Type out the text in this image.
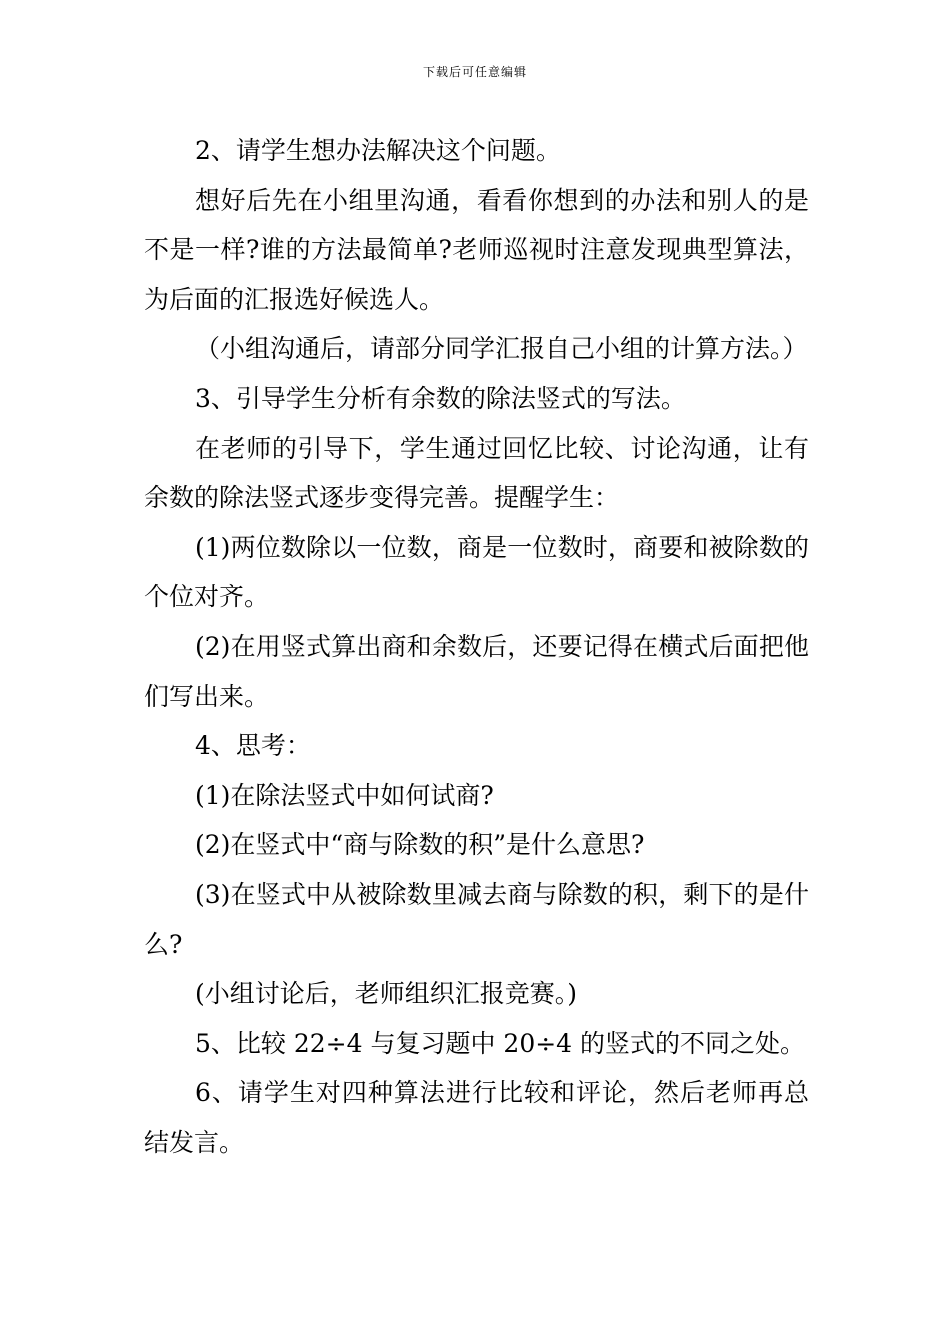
下载后可任意编辑

2、请学生想办法解决这个问题。

想好后先在小组里沟通，看看你想到的办法和别人的是不是一样?谁的方法最简单?老师巡视时注意发现典型算法，为后面的汇报选好候选人。

（小组沟通后，请部分同学汇报自己小组的计算方法。）

3、引导学生分析有余数的除法竖式的写法。

在老师的引导下，学生通过回忆比较、讨论沟通，让有余数的除法竖式逐步变得完善。提醒学生：

(1)两位数除以一位数，商是一位数时，商要和被除数的个位对齐。

(2)在用竖式算出商和余数后，还要记得在横式后面把他们写出来。

4、思考：

(1)在除法竖式中如何试商?

(2)在竖式中“商与除数的积”是什么意思?

(3)在竖式中从被除数里减去商与除数的积，剩下的是什么?

(小组讨论后，老师组织汇报竞赛。)

5、比较 22÷4 与复习题中 20÷4 的竖式的不同之处。

6、请学生对四种算法进行比较和评论，然后老师再总结发言。
